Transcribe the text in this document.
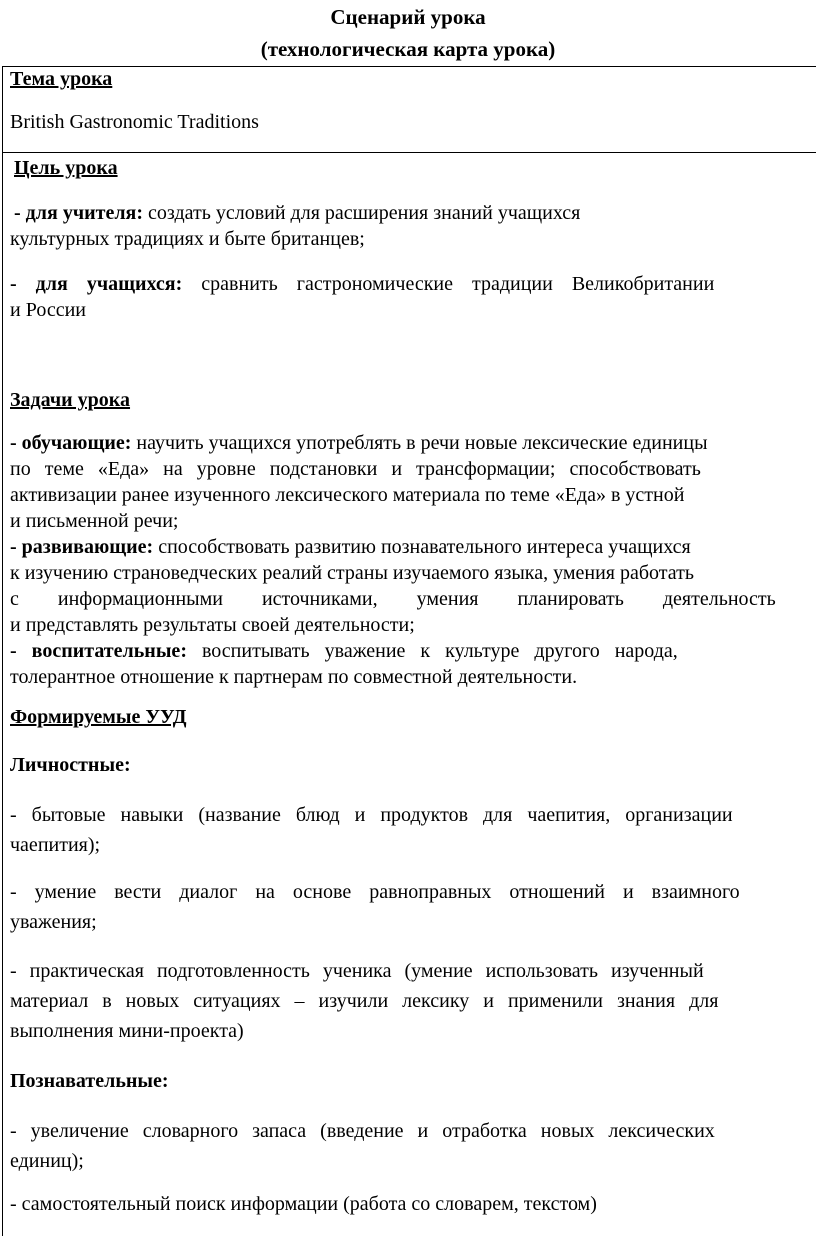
Сценарий урока
(технологическая карта урока)
Тема урока
British Gastronomic Traditions
Цель урока
- для учителя: создать условий для расширения знаний учащихся
культурных традициях и быте британцев;
- для учащихся: сравнить гастрономические традиции Великобритании
и России
Задачи урока
- обучающие: научить учащихся употреблять в речи новые лексические единицы
по теме «Еда» на уровне подстановки и трансформации; способствовать
активизации ранее изученного лексического материала по теме «Еда» в устной
и письменной речи;
- развивающие: способствовать развитию познавательного интереса учащихся
к изучению страноведческих реалий страны изучаемого языка, умения работать
с информационными источниками, умения планировать деятельность
и представлять результаты своей деятельности;
- воспитательные: воспитывать уважение к культуре другого народа,
толерантное отношение к партнерам по совместной деятельности.
Формируемые УУД
Личностные:
- бытовые навыки (название блюд и продуктов для чаепития, организации
чаепития);
- умение вести диалог на основе равноправных отношений и взаимного
уважения;
- практическая подготовленность ученика (умение использовать изученный
материал в новых ситуациях – изучили лексику и применили знания для
выполнения мини-проекта)
Познавательные:
- увеличение словарного запаса (введение и отработка новых лексических
единиц);
- самостоятельный поиск информации (работа со словарем, текстом)
